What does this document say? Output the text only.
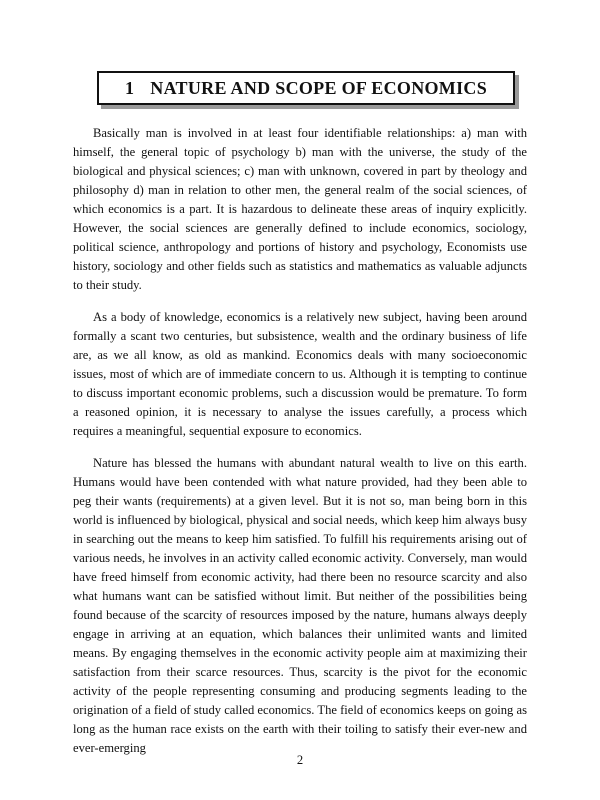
1 NATURE AND SCOPE OF ECONOMICS

Basically man is involved in at least four identifiable relationships: a) man with himself, the general topic of psychology b) man with the universe, the study of the biological and physical sciences; c) man with unknown, covered in part by theology and philosophy d) man in relation to other men, the general realm of the social sciences, of which economics is a part. It is hazardous to delineate these areas of inquiry explicitly. However, the social sciences are generally defined to include economics, sociology, political science, anthropology and portions of history and psychology, Economists use history, sociology and other fields such as statistics and mathematics as valuable adjuncts to their study.

As a body of knowledge, economics is a relatively new subject, having been around formally a scant two centuries, but subsistence, wealth and the ordinary business of life are, as we all know, as old as mankind. Economics deals with many socioeconomic issues, most of which are of immediate concern to us. Although it is tempting to continue to discuss important economic problems, such a discussion would be premature. To form a reasoned opinion, it is necessary to analyse the issues carefully, a process which requires a meaningful, sequential exposure to economics.

Nature has blessed the humans with abundant natural wealth to live on this earth. Humans would have been contended with what nature provided, had they been able to peg their wants (requirements) at a given level. But it is not so, man being born in this world is influenced by biological, physical and social needs, which keep him always busy in searching out the means to keep him satisfied. To fulfill his requirements arising out of various needs, he involves in an activity called economic activity. Conversely, man would have freed himself from economic activity, had there been no resource scarcity and also what humans want can be satisfied without limit. But neither of the possibilities being found because of the scarcity of resources imposed by the nature, humans always deeply engage in arriving at an equation, which balances their unlimited wants and limited means. By engaging themselves in the economic activity people aim at maximizing their satisfaction from their scarce resources. Thus, scarcity is the pivot for the economic activity of the people representing consuming and producing segments leading to the origination of a field of study called economics. The field of economics keeps on going as long as the human race exists on the earth with their toiling to satisfy their ever-new and ever-emerging

2
